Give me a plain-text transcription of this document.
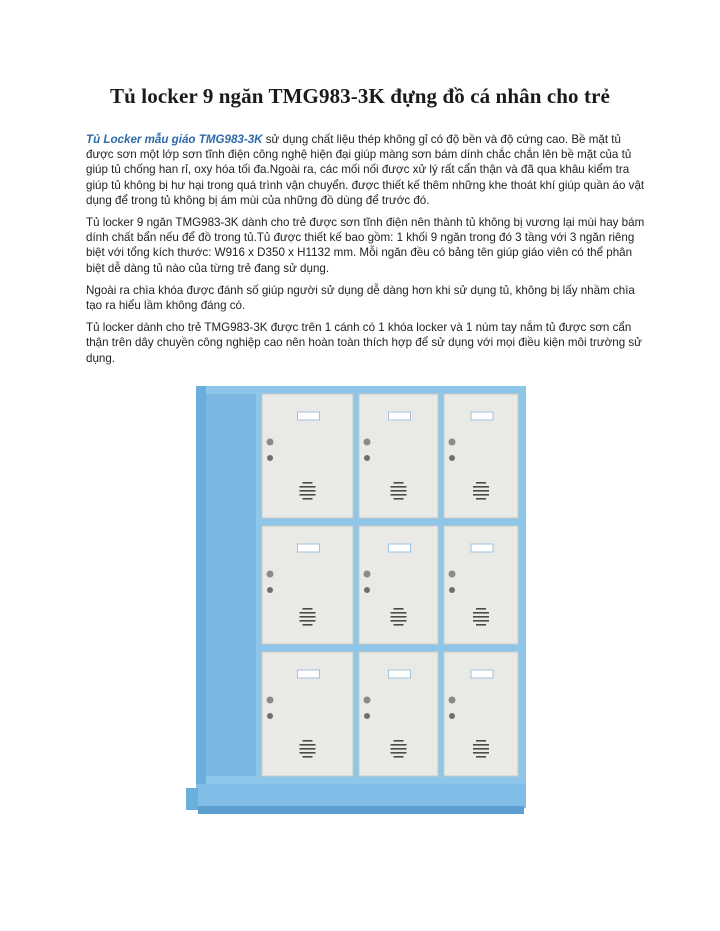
Tủ locker 9 ngăn TMG983-3K đựng đồ cá nhân cho trẻ

Tủ Locker mẫu giáo TMG983-3K sử dụng chất liệu thép không gỉ có độ bền và độ cứng cao. Bề mặt tủ được sơn một lớp sơn tĩnh điện công nghệ hiện đại giúp màng sơn bám dính chắc chắn lên bề mặt của tủ giúp tủ chống han rỉ, oxy hóa tối đa.Ngoài ra, các mối nối được xử lý rất cẩn thận và đã qua khâu kiểm tra giúp tủ không bị hư hại trong quá trình vận chuyển. được thiết kế thêm những khe thoát khí giúp quần áo vật dụng để trong tủ không bị ám mùi của những đồ dùng để trước đó.

Tủ locker 9 ngăn TMG983-3K dành cho trẻ được sơn tĩnh điện nên thành tủ không bị vương lại mùi hay bám dính chất bẩn nếu để đồ trong tủ.Tủ được thiết kế bao gồm: 1 khối 9 ngăn trong đó 3 tầng với 3 ngăn riêng biệt với tổng kích thước: W916 x D350 x H1132 mm. Mỗi ngăn đều có bảng tên giúp giáo viên có thể phân biệt dễ dàng tủ nào của từng trẻ đang sử dụng.

Ngoài ra chìa khóa được đánh số giúp người sử dụng dễ dàng hơn khi sử dụng tủ, không bị lấy nhầm chìa tạo ra hiểu lầm không đáng có.

Tủ locker dành cho trẻ TMG983-3K được trên 1 cánh có 1 khóa locker và 1 núm tay nắm tủ được sơn cẩn thận trên dây chuyền công nghiệp cao nên hoàn toàn thích hợp để sử dụng với mọi điều kiện môi trường sử dụng.
